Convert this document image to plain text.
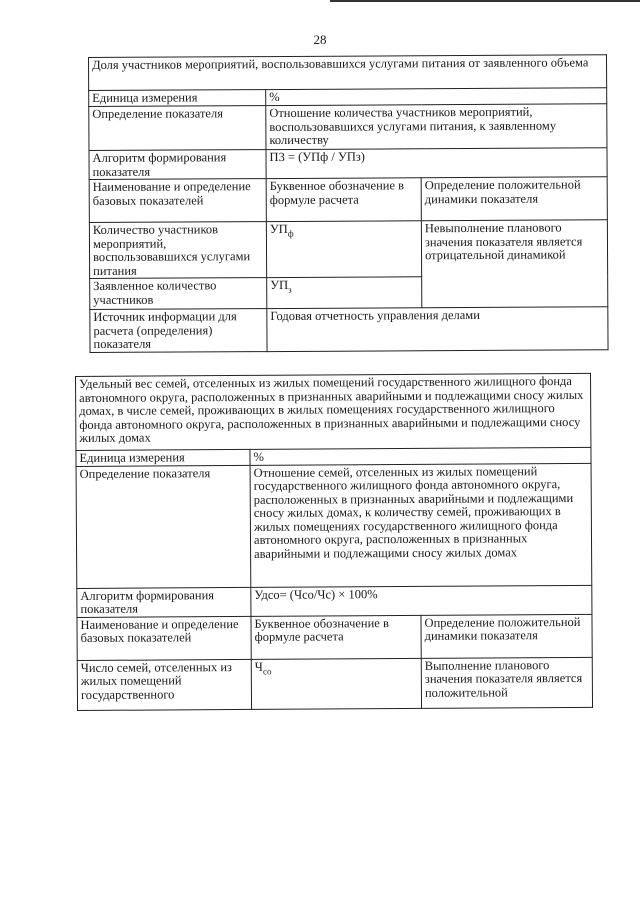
28
Доля участников мероприятий, воспользовавшихся услугами питания от заявленного объема		
Единица измерения	%	
Определение показателя	Отношение количества участников мероприятий, воспользовавшихся услугами питания, к заявленному количеству	
Алгоритм формирования показателя	П3 = (УПф / УПз)	
Наименование и определение базовых показателей	Буквенное обозначение в формуле расчета	Определение положительной динамики показателя
Количество участников мероприятий, воспользовавшихся услугами питания	$УП_ф$	Невыполнение планового значения показателя является отрицательной динамикой
Заявленное количество участников	$УП_з$
Источник информации для расчета (определения) показателя	Годовая отчетность управления делами	
Удельный вес семей, отселенных из жилых помещений государственного жилищного фонда автономного округа, расположенных в признанных аварийными и подлежащими сносу жилых домах, в числе семей, проживающих в жилых помещениях государственного жилищного фонда автономного округа, расположенных в признанных аварийными и подлежащими сносу жилых домах		
Единица измерения	%	
Определение показателя	Отношение семей, отселенных из жилых помещений государственного жилищного фонда автономного округа, расположенных в признанных аварийными и подлежащими сносу жилых домах, к количеству семей, проживающих в жилых помещениях государственного жилищного фонда автономного округа, расположенных в признанных аварийными и подлежащими сносу жилых домах	
Алгоритм формирования показателя	Удсо= (Чсо/Чс) × 100%	
Наименование и определение базовых показателей	Буквенное обозначение в формуле расчета	Определение положительной динамики показателя
Число семей, отселенных из жилых помещений государственного	$Ч_{со}$	Выполнение планового значения показателя является положительной
